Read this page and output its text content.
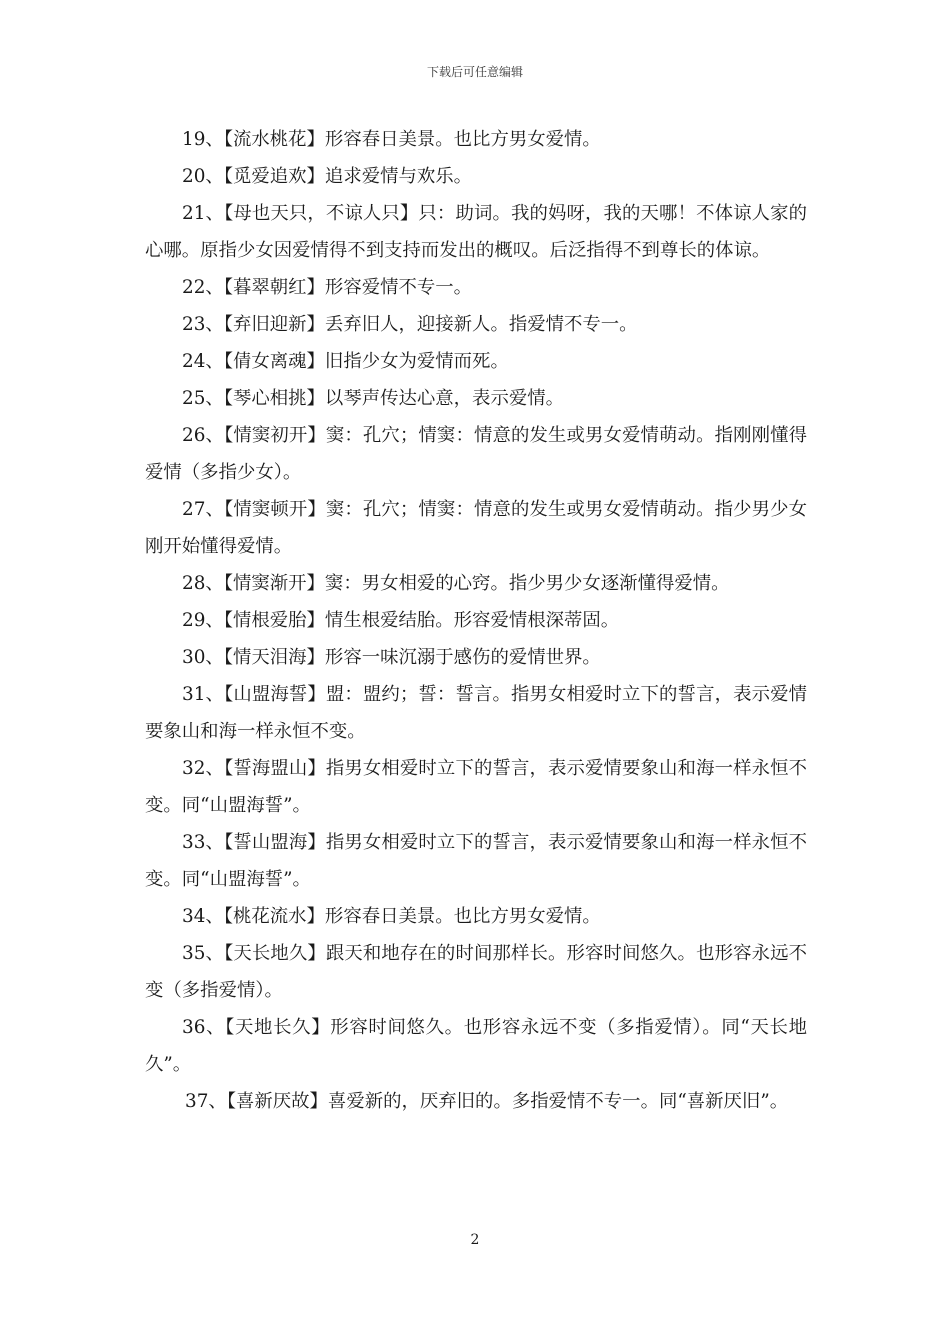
下载后可任意编辑

19、【流水桃花】形容春日美景。也比方男女爱情。

20、【觅爱追欢】追求爱情与欢乐。

21、【母也天只，不谅人只】只：助词。我的妈呀，我的天哪！不体谅人家的心哪。原指少女因爱情得不到支持而发出的概叹。后泛指得不到尊长的体谅。

22、【暮翠朝红】形容爱情不专一。

23、【弃旧迎新】丢弃旧人，迎接新人。指爱情不专一。

24、【倩女离魂】旧指少女为爱情而死。

25、【琴心相挑】以琴声传达心意，表示爱情。

26、【情窦初开】窦：孔穴；情窦：情意的发生或男女爱情萌动。指刚刚懂得爱情（多指少女）。

27、【情窦顿开】窦：孔穴；情窦：情意的发生或男女爱情萌动。指少男少女刚开始懂得爱情。

28、【情窦渐开】窦：男女相爱的心窍。指少男少女逐渐懂得爱情。

29、【情根爱胎】情生根爱结胎。形容爱情根深蒂固。

30、【情天泪海】形容一味沉溺于感伤的爱情世界。

31、【山盟海誓】盟：盟约；誓：誓言。指男女相爱时立下的誓言，表示爱情要象山和海一样永恒不变。

32、【誓海盟山】指男女相爱时立下的誓言，表示爱情要象山和海一样永恒不变。同“山盟海誓”。

33、【誓山盟海】指男女相爱时立下的誓言，表示爱情要象山和海一样永恒不变。同“山盟海誓”。

34、【桃花流水】形容春日美景。也比方男女爱情。

35、【天长地久】跟天和地存在的时间那样长。形容时间悠久。也形容永远不变（多指爱情）。

36、【天地长久】形容时间悠久。也形容永远不变（多指爱情）。同“天长地久”。

37、【喜新厌故】喜爱新的，厌弃旧的。多指爱情不专一。同“喜新厌旧”。

2
